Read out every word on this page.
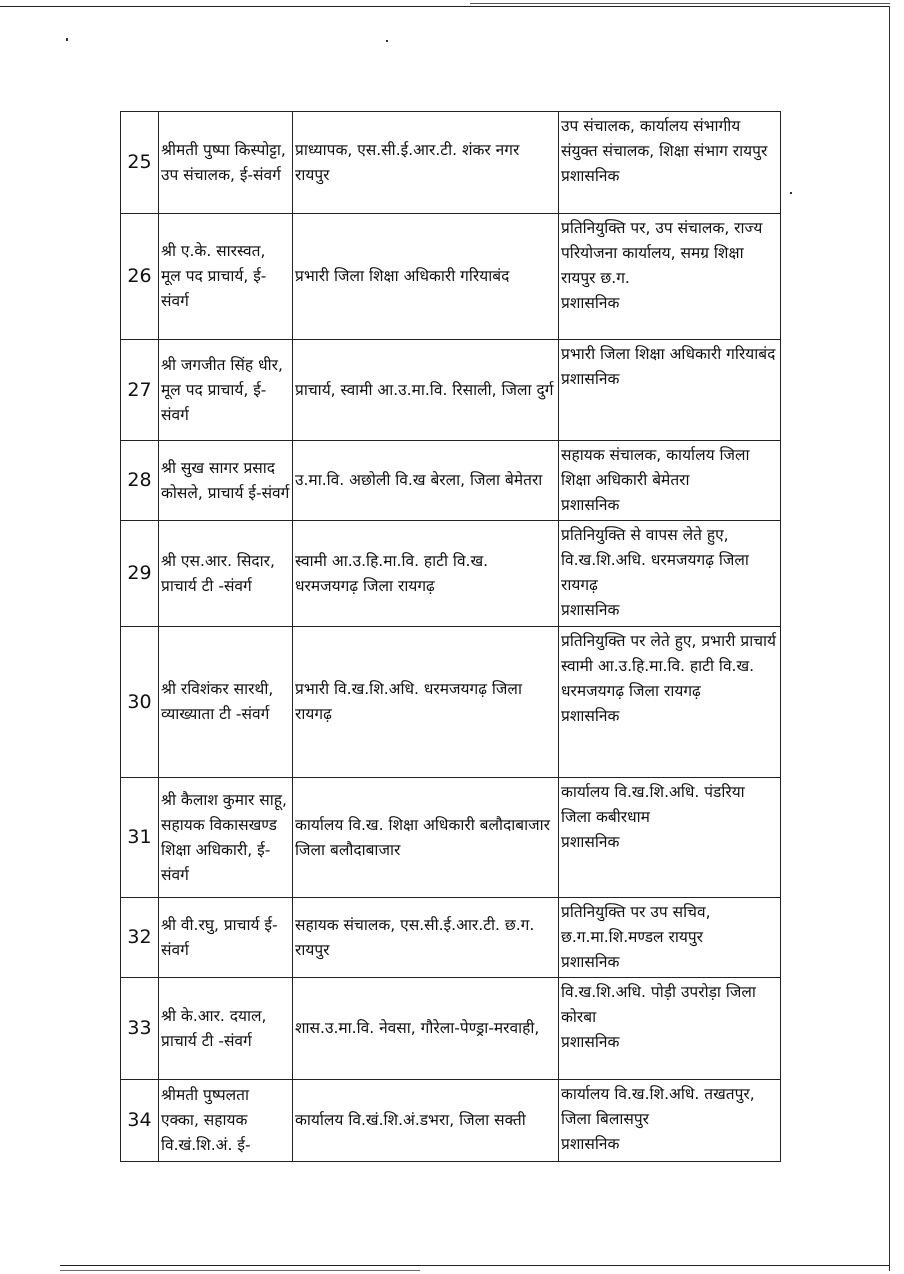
25	श्रीमती पुष्पा किस्पोट्टा, उप संचालक, ई-संवर्ग	प्राध्यापक, एस.सी.ई.आर.टी. शंकर नगर रायपुर	उप संचालक, कार्यालय संभागीय संयुक्त संचालक, शिक्षा संभाग रायपुर
प्रशासनिक

26	श्री ए.के. सारस्वत, मूल पद प्राचार्य, ई-संवर्ग	प्रभारी जिला शिक्षा अधिकारी गरियाबंद	प्रतिनियुक्ति पर, उप संचालक, राज्य परियोजना कार्यालय, समग्र शिक्षा रायपुर छ.ग.
प्रशासनिक

27	श्री जगजीत सिंह धीर, मूल पद प्राचार्य, ई- संवर्ग	प्राचार्य, स्वामी आ.उ.मा.वि. रिसाली, जिला दुर्ग	प्रभारी जिला शिक्षा अधिकारी गरियाबंद
प्रशासनिक

28	श्री सुख सागर प्रसाद कोसले, प्राचार्य ई-संवर्ग	उ.मा.वि. अछोली वि.ख बेरला, जिला बेमेतरा	सहायक संचालक, कार्यालय जिला शिक्षा अधिकारी बेमेतरा
प्रशासनिक

29	श्री एस.आर. सिदार, प्राचार्य टी -संवर्ग	स्वामी आ.उ.हि.मा.वि. हाटी वि.ख. धरमजयगढ़ जिला रायगढ़	प्रतिनियुक्ति से वापस लेते हुए, वि.ख.शि.अधि. धरमजयगढ़ जिला रायगढ़
प्रशासनिक

30	श्री रविशंकर सारथी, व्याख्याता टी -संवर्ग	प्रभारी वि.ख.शि.अधि. धरमजयगढ़ जिला रायगढ़	प्रतिनियुक्ति पर लेते हुए, प्रभारी प्राचार्य स्वामी आ.उ.हि.मा.वि. हाटी वि.ख. धरमजयगढ़ जिला रायगढ़
प्रशासनिक

31	श्री कैलाश कुमार साहू, सहायक विकासखण्ड शिक्षा अधिकारी, ई-संवर्ग	कार्यालय वि.ख. शिक्षा अधिकारी बलौदाबाजार जिला बलौदाबाजार	कार्यालय वि.ख.शि.अधि. पंडरिया जिला कबीरधाम
प्रशासनिक

32	श्री वी.रघु, प्राचार्य ई-संवर्ग	सहायक संचालक, एस.सी.ई.आर.टी. छ.ग. रायपुर	प्रतिनियुक्ति पर उप सचिव, छ.ग.मा.शि.मण्डल रायपुर
प्रशासनिक

33	श्री के.आर. दयाल, प्राचार्य टी -संवर्ग	शास.उ.मा.वि. नेवसा, गौरेला-पेण्ड्रा-मरवाही,	वि.ख.शि.अधि. पोड़ी उपरोड़ा जिला कोरबा
प्रशासनिक

34	श्रीमती पुष्पलता एक्का, सहायक वि.खं.शि.अं. ई-	कार्यालय वि.खं.शि.अं.डभरा, जिला सक्ती	कार्यालय वि.ख.शि.अधि. तखतपुर, जिला बिलासपुर
प्रशासनिक
